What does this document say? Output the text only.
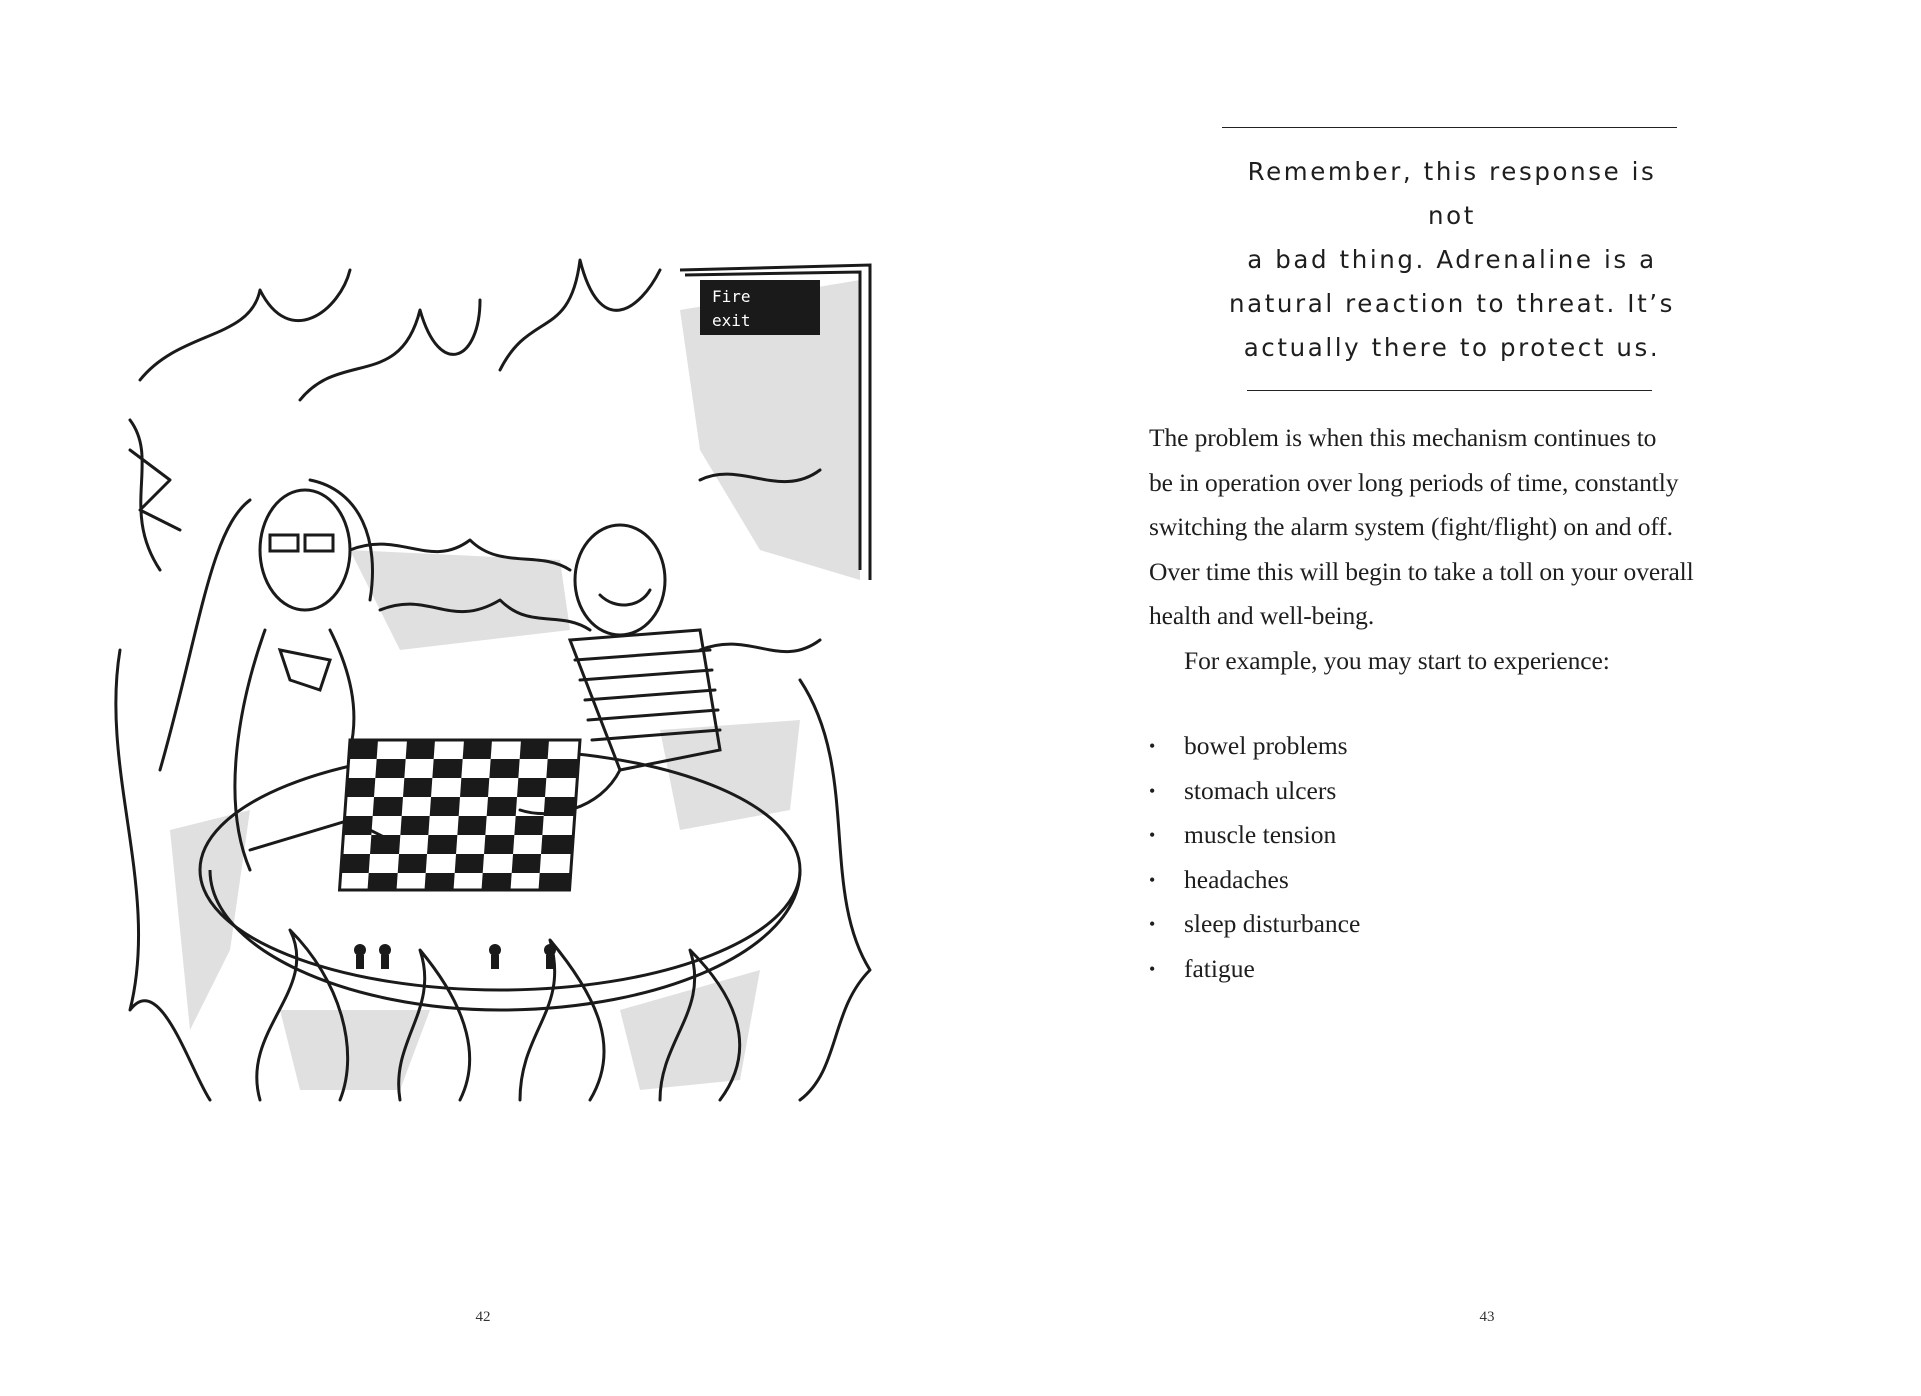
Fire
exit
42
Remember, this response is not
a bad thing. Adrenaline is a
natural reaction to threat. It’s
actually there to protect us.

The problem is when this mechanism continues to

be in operation over long periods of time, constantly

switching the alarm system (fight/flight) on and off.

Over time this will begin to take a toll on your overall

health and well-being.

For example, you may start to experience:

• bowel problems
• stomach ulcers
• muscle tension
• headaches
• sleep disturbance
• fatigue
43
